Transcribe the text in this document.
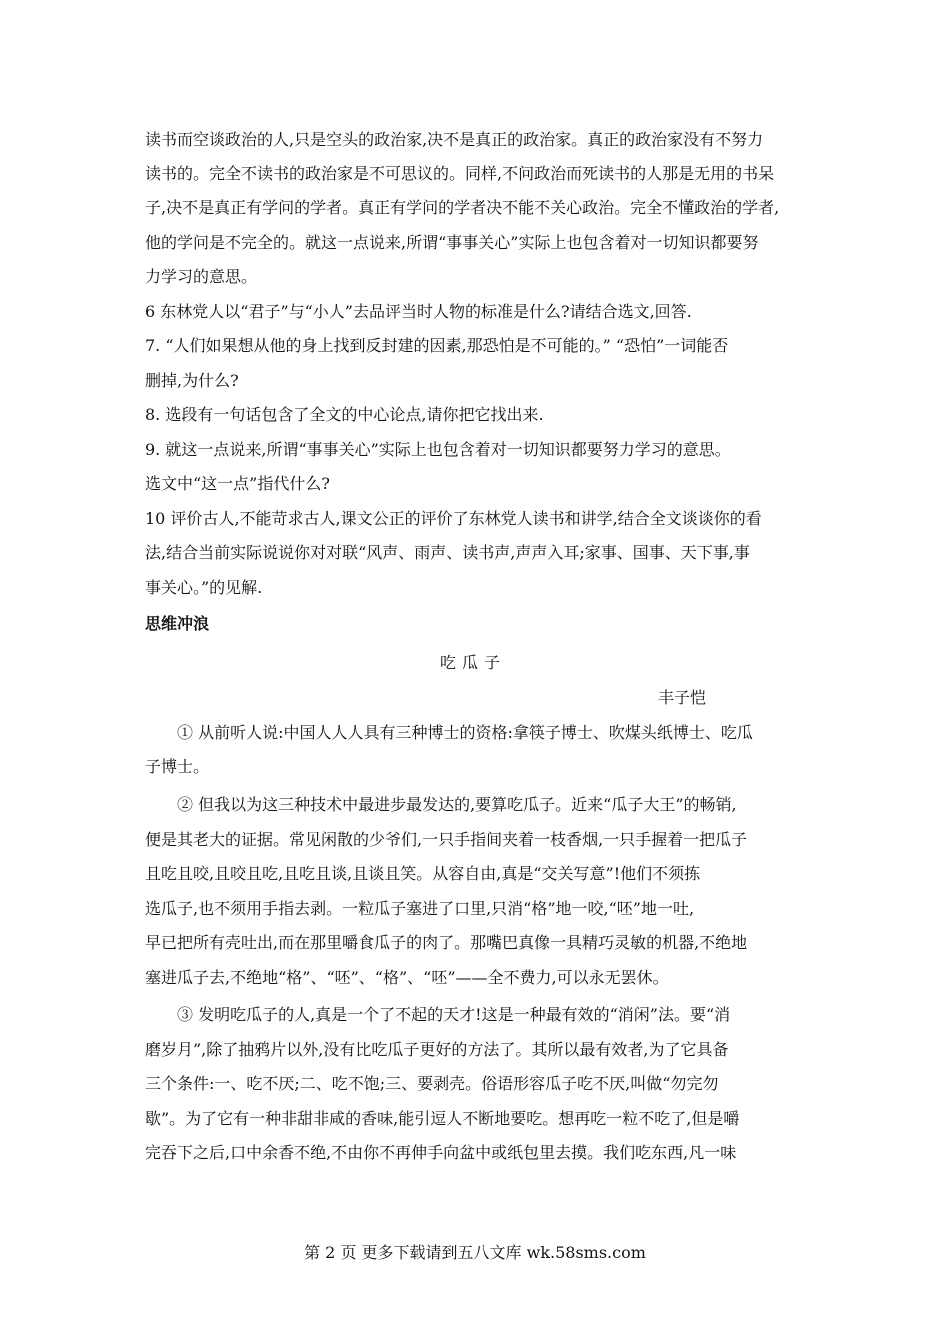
读书而空谈政治的人,只是空头的政治家,决不是真正的政治家。真正的政治家没有不努力
读书的。完全不读书的政治家是不可思议的。同样,不问政治而死读书的人那是无用的书呆
子,决不是真正有学问的学者。真正有学问的学者决不能不关心政治。完全不懂政治的学者,
他的学问是不完全的。就这一点说来,所谓“事事关心”实际上也包含着对一切知识都要努
力学习的意思。
6 东林党人以“君子”与“小人”去品评当时人物的标准是什么?请结合选文,回答.
7. “人们如果想从他的身上找到反封建的因素,那恐怕是不可能的。” “恐怕”一词能否
删掉,为什么?
8. 选段有一句话包含了全文的中心论点,请你把它找出来.
9. 就这一点说来,所谓“事事关心”实际上也包含着对一切知识都要努力学习的意思。
选文中“这一点”指代什么?
10 评价古人,不能苛求古人,课文公正的评价了东林党人读书和讲学,结合全文谈谈你的看
法,结合当前实际说说你对对联“风声、雨声、读书声,声声入耳;家事、国事、天下事,事
事关心。”的见解.
思维冲浪
吃瓜子
丰子恺
① 从前听人说:中国人人人具有三种博士的资格:拿筷子博士、吹煤头纸博士、吃瓜
子博士。
② 但我以为这三种技术中最进步最发达的,要算吃瓜子。近来“瓜子大王”的畅销,
便是其老大的证据。常见闲散的少爷们,一只手指间夹着一枝香烟,一只手握着一把瓜子
且吃且咬,且咬且吃,且吃且谈,且谈且笑。从容自由,真是“交关写意”!他们不须拣
选瓜子,也不须用手指去剥。一粒瓜子塞进了口里,只消“格”地一咬,“呸”地一吐,
早已把所有壳吐出,而在那里嚼食瓜子的肉了。那嘴巴真像一具精巧灵敏的机器,不绝地
塞进瓜子去,不绝地“格”、“呸”、“格”、“呸”——全不费力,可以永无罢休。
③ 发明吃瓜子的人,真是一个了不起的天才!这是一种最有效的“消闲”法。要“消
磨岁月”,除了抽鸦片以外,没有比吃瓜子更好的方法了。其所以最有效者,为了它具备
三个条件:一、吃不厌;二、吃不饱;三、要剥壳。俗语形容瓜子吃不厌,叫做“勿完勿
歇”。为了它有一种非甜非咸的香味,能引逗人不断地要吃。想再吃一粒不吃了,但是嚼
完吞下之后,口中余香不绝,不由你不再伸手向盆中或纸包里去摸。我们吃东西,凡一味
第 2 页 更多下载请到五八文库 wk.58sms.com
